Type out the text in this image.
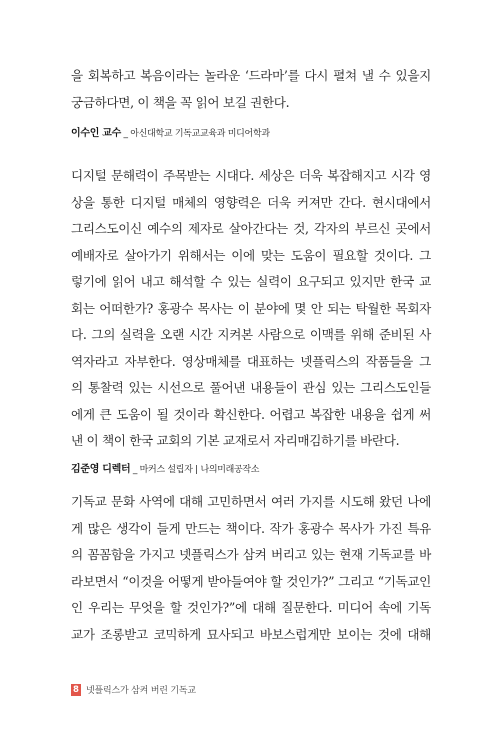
을 회복하고 복음이라는 놀라운 ‘드라마’를 다시 펼쳐 낼 수 있을지
궁금하다면, 이 책을 꼭 읽어 보길 권한다.
이수인 교수 _ 아신대학교 기독교교육과 미디어학과
디지털 문해력이 주목받는 시대다. 세상은 더욱 복잡해지고 시각 영
상을 통한 디지털 매체의 영향력은 더욱 커져만 간다. 현시대에서
그리스도이신 예수의 제자로 살아간다는 것, 각자의 부르신 곳에서
예배자로 살아가기 위해서는 이에 맞는 도움이 필요할 것이다. 그
렇기에 읽어 내고 해석할 수 있는 실력이 요구되고 있지만 한국 교
회는 어떠한가? 홍광수 목사는 이 분야에 몇 안 되는 탁월한 목회자
다. 그의 실력을 오랜 시간 지켜본 사람으로 이맥를 위해 준비된 사
역자라고 자부한다. 영상매체를 대표하는 넷플릭스의 작품들을 그
의 통찰력 있는 시선으로 풀어낸 내용들이 관심 있는 그리스도인들
에게 큰 도움이 될 것이라 확신한다. 어렵고 복잡한 내용을 쉽게 써
낸 이 책이 한국 교회의 기본 교재로서 자리매김하기를 바란다.
김준영 디렉터 _ 마커스 설립자 | 나의미래공작소
기독교 문화 사역에 대해 고민하면서 여러 가지를 시도해 왔던 나에
게 많은 생각이 들게 만드는 책이다. 작가 홍광수 목사가 가진 특유
의 꼼꼼함을 가지고 넷플릭스가 삼켜 버리고 있는 현재 기독교를 바
라보면서 “이것을 어떻게 받아들여야 할 것인가?” 그리고 “기독교인
인 우리는 무엇을 할 것인가?”에 대해 질문한다. 미디어 속에 기독
교가 조롱받고 코믹하게 묘사되고 바보스럽게만 보이는 것에 대해
8 넷플릭스가 삼켜 버린 기독교
